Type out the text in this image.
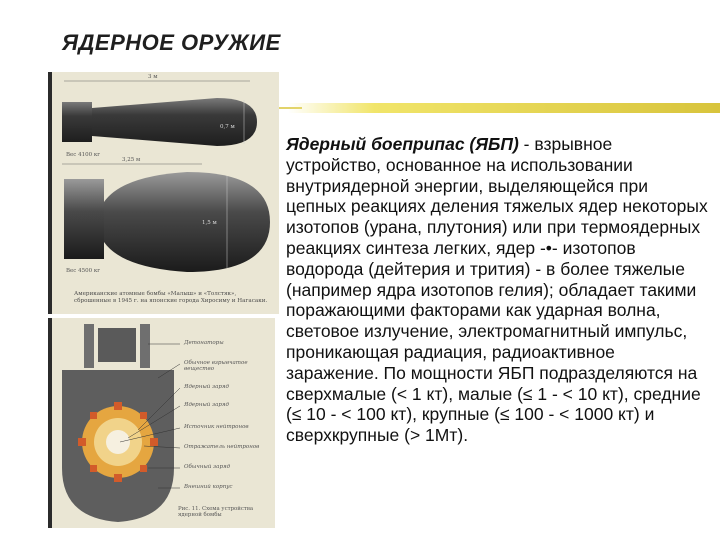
ЯДЕРНОЕ ОРУЖИЕ
3 м
0,7 м
Вес 4100 кг
3,25 м
1,5 м
Вес 4500 кг
Американские атомные бомбы «Малыш» и «Толстяк», сброшенные в 1945 г. на японские города Хиросиму и Нагасаки.
Детонаторы
Обычное взрывчатое вещество
Ядерный заряд
Ядерный заряд
Источник нейтронов
Отражатель нейтронов
Обычный заряд
Внешний корпус
Рис. 11. Схема устройства ядерной бомбы
Ядерный боеприпас (ЯБП) - взрывное устройство, основанное на использовании внутриядерной энергии, выделяющейся при цепных реакциях деления тяжелых ядер некоторых изотопов (урана, плутония) или при термоядерных реакциях синтеза легких, ядер -•- изотопов водорода (дейтерия и трития) - в более тяжелые (например ядра изотопов гелия); обладает такими поражающими факторами как ударная волна, световое излучение, электромагнитный импульс, проникающая радиация, радиоактивное заражение. По мощности ЯБП подразделяются на сверхмалые (< 1 кт), малые (≤ 1 - < 10 кт), средние (≤ 10 - < 100 кт), крупные (≤ 100 - < 1000 кт) и сверхкрупные (> 1Мт).
